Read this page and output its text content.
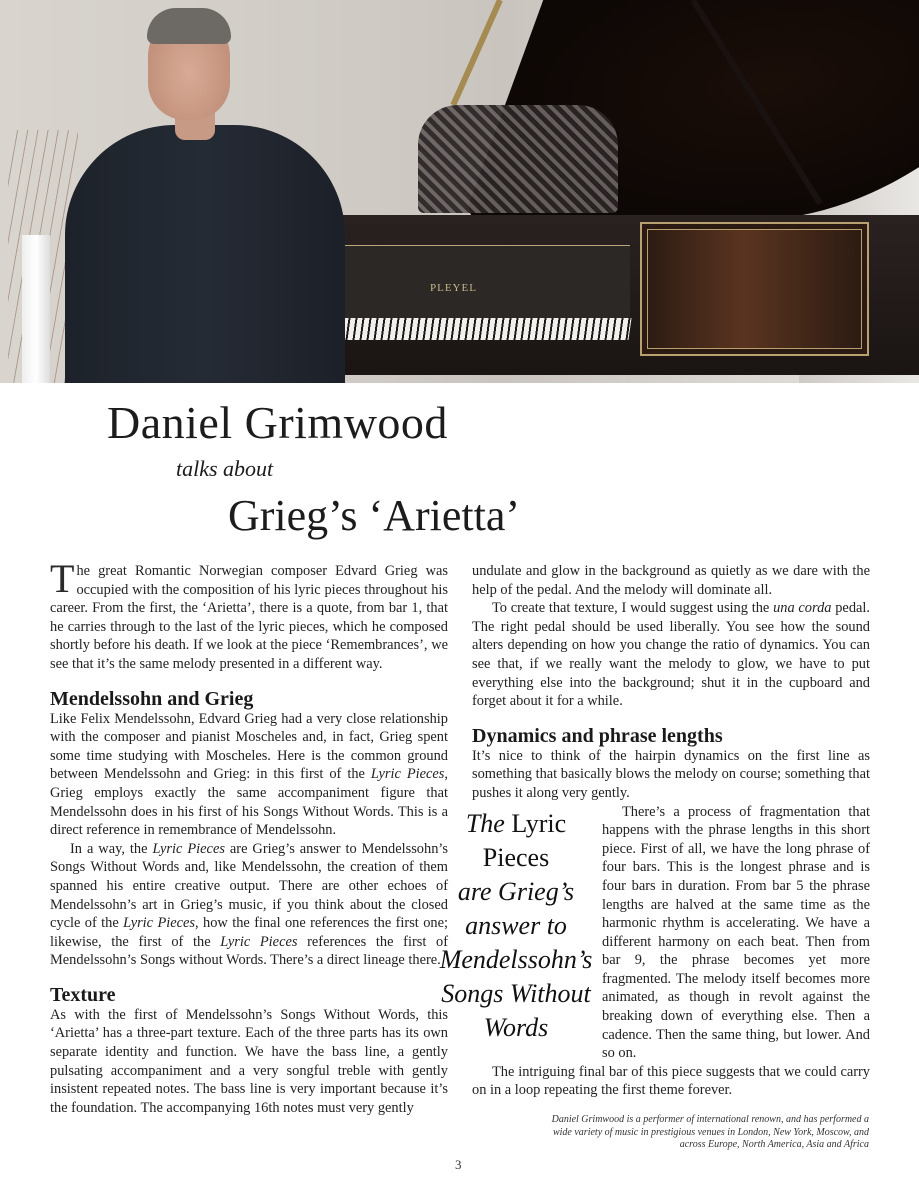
PLEYEL
Daniel Grimwood
talks about
Grieg’s ‘Arietta’

The great Romantic Norwegian composer Edvard Grieg was occupied with the composition of his lyric pieces throughout his career. From the first, the ‘Arietta’, there is a quote, from bar 1, that he carries through to the last of the lyric pieces, which he composed shortly before his death. If we look at the piece ‘Remembrances’, we see that it’s the same melody presented in a different way.

Mendelssohn and Grieg

Like Felix Mendelssohn, Edvard Grieg had a very close relationship with the composer and pianist Moscheles and, in fact, Grieg spent some time studying with Moscheles. Here is the common ground between Mendelssohn and Grieg: in this first of the Lyric Pieces, Grieg employs exactly the same accompaniment figure that Mendelssohn does in his first of his Songs Without Words. This is a direct reference in remembrance of Mendelssohn.

In a way, the Lyric Pieces are Grieg’s answer to Mendelssohn’s Songs Without Words and, like Mendelssohn, the creation of them spanned his entire creative output. There are other echoes of Mendelssohn’s art in Grieg’s music, if you think about the closed cycle of the Lyric Pieces, how the final one references the first one; likewise, the first of the Lyric Pieces references the first of Mendelssohn’s Songs without Words. There’s a direct lineage there.

Texture

As with the first of Mendelssohn’s Songs Without Words, this ‘Arietta’ has a three-part texture. Each of the three parts has its own separate identity and function. We have the bass line, a gently pulsating accompaniment and a very songful treble with gently insistent repeated notes. The bass line is very important because it’s the foundation. The accompanying 16th notes must very gently

undulate and glow in the background as quietly as we dare with the help of the pedal. And the melody will dominate all.

To create that texture, I would suggest using the una corda pedal. The right pedal should be used liberally. You see how the sound alters depending on how you change the ratio of dynamics. You can see that, if we really want the melody to glow, we have to put everything else into the background; shut it in the cupboard and forget about it for a while.

Dynamics and phrase lengths

It’s nice to think of the hairpin dynamics on the first line as something that basically blows the melody on course; something that pushes it along very gently.

The Lyric Pieces
are Grieg’s answer to Mendelssohn’s Songs Without Words

There’s a process of fragmentation that happens with the phrase lengths in this short piece. First of all, we have the long phrase of four bars. This is the longest phrase and is four bars in duration. From bar 5 the phrase lengths are halved at the same time as the harmonic rhythm is accelerating. We have a different harmony on each beat. Then from bar 9, the phrase becomes yet more fragmented. The melody itself becomes more animated, as though in revolt against the breaking down of everything else. Then a cadence. Then the same thing, but lower. And so on.

The intriguing final bar of this piece suggests that we could carry on in a loop repeating the first theme forever.

Daniel Grimwood is a performer of international renown, and has performed a wide variety of music in prestigious venues in London, New York, Moscow, and across Europe, North America, Asia and Africa
3
